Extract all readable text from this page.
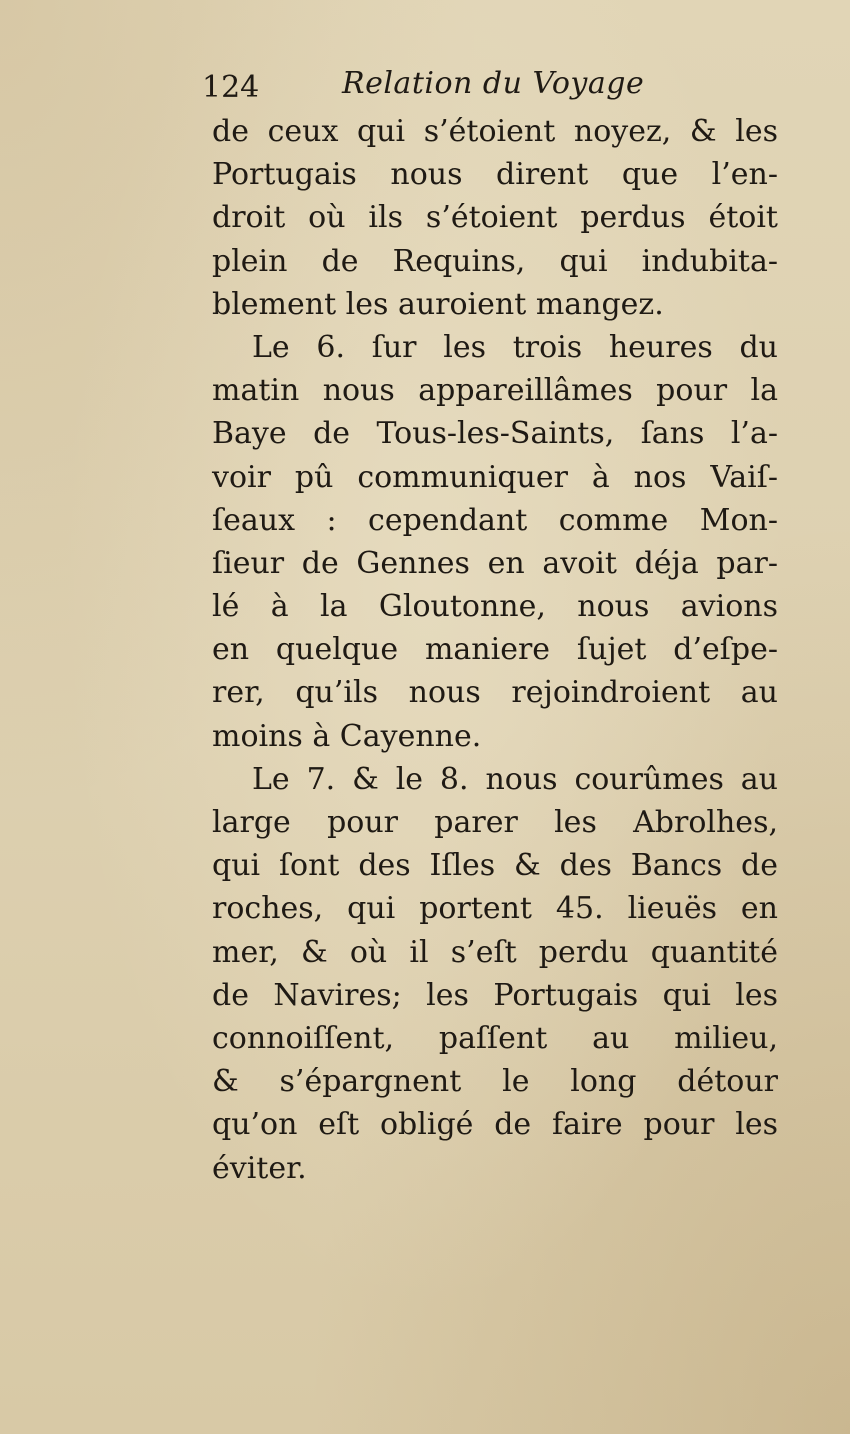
124	Relation du Voyage
de ceux qui s’étoient noyez, & les
Portugais nous dirent que l’en-
droit où ils s’étoient perdus étoit
plein de Requins, qui indubita-
blement les auroient mangez.
Le 6. ſur les trois heures du
matin nous appareillâmes pour la
Baye de Tous-les-Saints, ſans l’a-
voir pû communiquer à nos Vaiſ-
ſeaux : cependant comme Mon-
ſieur de Gennes en avoit déja par-
lé à la Gloutonne, nous avions
en quelque maniere ſujet d’eſpe-
rer, qu’ils nous rejoindroient au
moins à Cayenne.
Le 7. & le 8. nous courûmes au
large pour parer les Abrolhes,
qui ſont des Iſles & des Bancs de
roches, qui portent 45. lieuës en
mer, & où il s’eſt perdu quantité
de Navires; les Portugais qui les
connoiſſent, paſſent au milieu,
& s’épargnent le long détour
qu’on eſt obligé de faire pour les
éviter.
